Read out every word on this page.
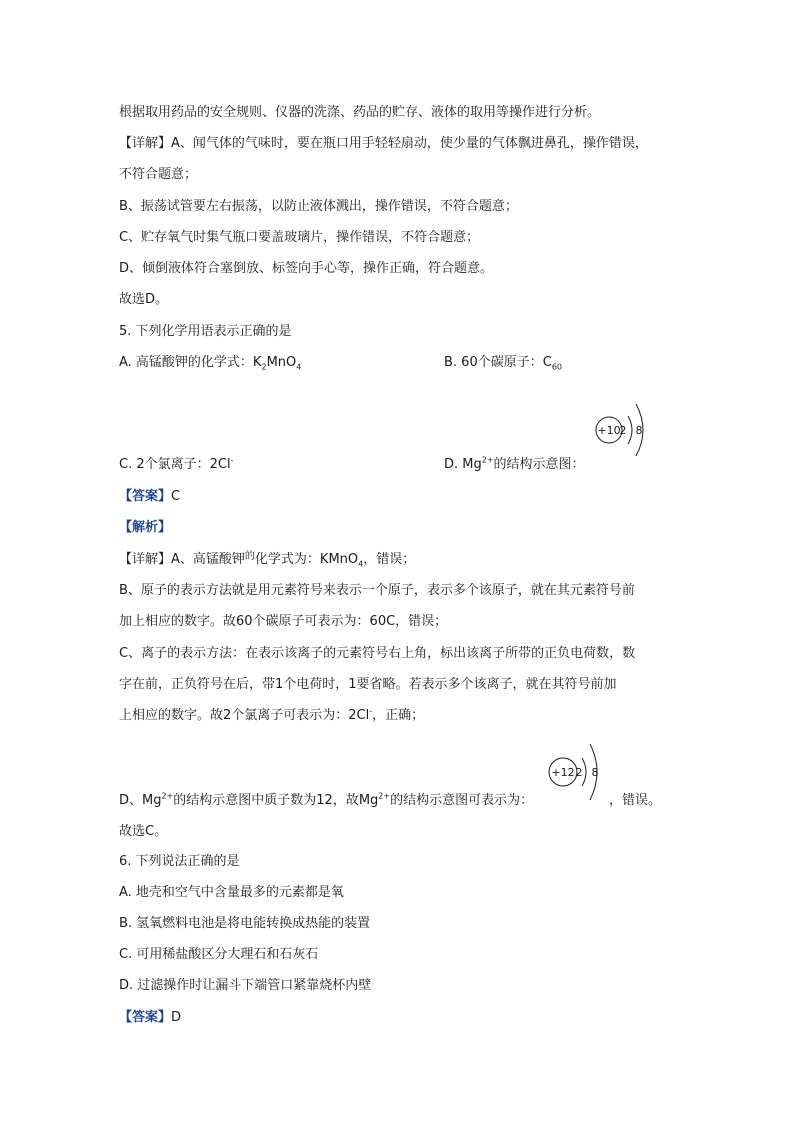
根据取用药品的安全规则、仪器的洗涤、药品的贮存、液体的取用等操作进行分析。
【详解】A、闻气体的气味时，要在瓶口用手轻轻扇动，使少量的气体飘进鼻孔，操作错误，
不符合题意；
B、振荡试管要左右振荡，以防止液体溅出，操作错误，不符合题意；
C、贮存氧气时集气瓶口要盖玻璃片，操作错误，不符合题意；
D、倾倒液体符合塞倒放、标签向手心等，操作正确，符合题意。
故选D。
5. 下列化学用语表示正确的是
A. 高锰酸钾的化学式：$K_2MnO_4$	B. 60个碳原子：$C_{60}$
+10
2 8
C. 2个氯离子：2Cl-	D. $Mg^{2+}$的结构示意图：
【答案】C
【解析】
【详解】A、高锰酸钾$^的$化学式为：KMnO$_4$，错误；
B、原子的表示方法就是用元素符号来表示一个原子，表示多个该原子，就在其元素符号前
加上相应的数字。故60个碳原子可表示为：60C，错误；
C、离子的表示方法：在表示该离子的元素符号右上角，标出该离子所带的正负电荷数，数
字在前，正负符号在后，带1个电荷时，1要省略。若表示多个该离子，就在其符号前加
上相应的数字。故2个氯离子可表示为：2Cl-，正确；
+12 2 8
D、$Mg^{2+}$的结构示意图中质子数为12，故$Mg^{2+}$的结构示意图可表示为：	，错误。
故选C。
6. 下列说法正确的是
A. 地壳和空气中含量最多的元素都是氧
B. 氢氧燃料电池是将电能转换成热能的装置
C. 可用稀盐酸区分大理石和石灰石
D. 过滤操作时让漏斗下端管口紧靠烧杯内壁
【答案】D
